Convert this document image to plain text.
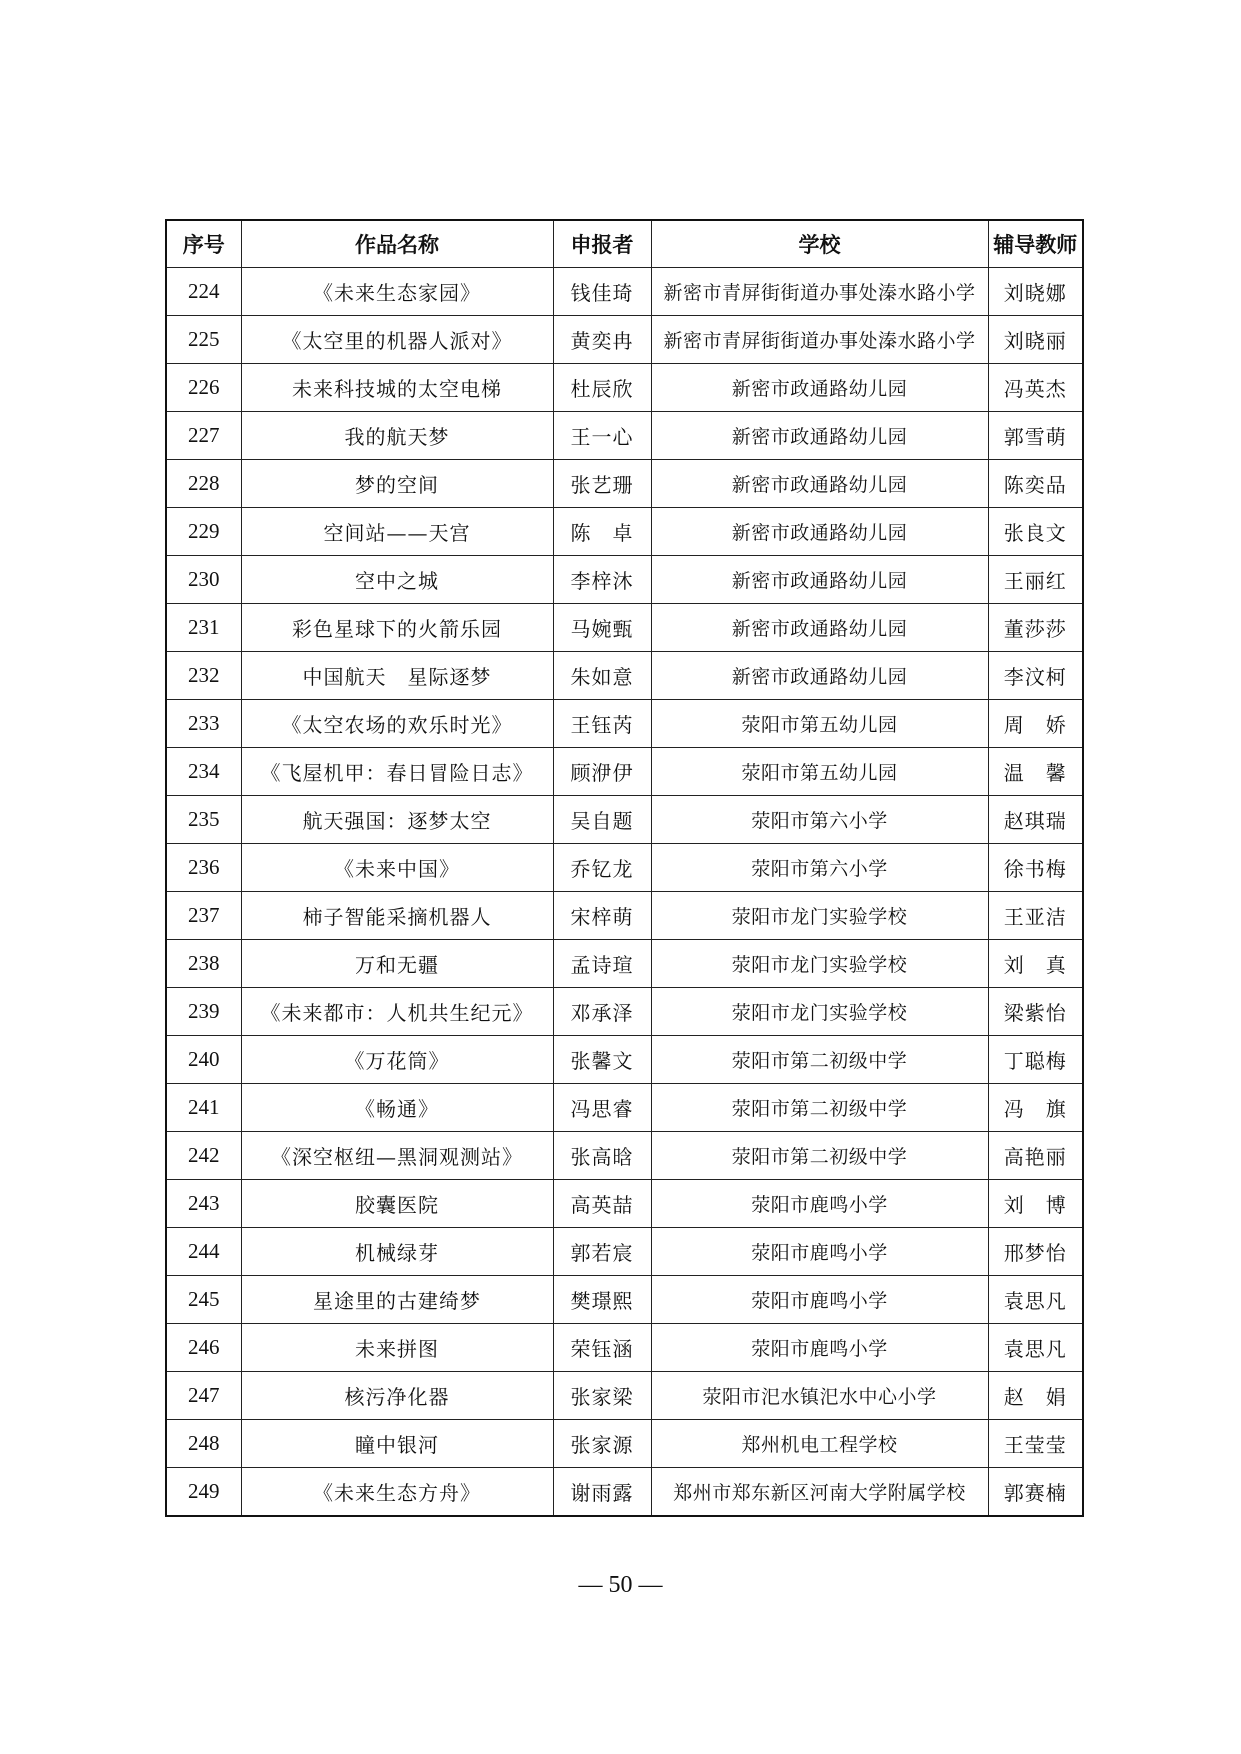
序号	作品名称	申报者	学校	辅导教师
224	《未来生态家园》	钱佳琦	新密市青屏街街道办事处溱水路小学	刘晓娜
225	《太空里的机器人派对》	黄奕冉	新密市青屏街街道办事处溱水路小学	刘晓丽
226	未来科技城的太空电梯	杜辰欣	新密市政通路幼儿园	冯英杰
227	我的航天梦	王一心	新密市政通路幼儿园	郭雪萌
228	梦的空间	张艺珊	新密市政通路幼儿园	陈奕品
229	空间站——天宫	陈　卓	新密市政通路幼儿园	张良文
230	空中之城	李梓沐	新密市政通路幼儿园	王丽红
231	彩色星球下的火箭乐园	马婉甄	新密市政通路幼儿园	董莎莎
232	中国航天　星际逐梦	朱如意	新密市政通路幼儿园	李汶柯
233	《太空农场的欢乐时光》	王钰芮	荥阳市第五幼儿园	周　娇
234	《飞屋机甲：春日冒险日志》	顾洢伊	荥阳市第五幼儿园	温　馨
235	航天强国：逐梦太空	吴自题	荥阳市第六小学	赵琪瑞
236	《未来中国》	乔钇龙	荥阳市第六小学	徐书梅
237	柿子智能采摘机器人	宋梓萌	荥阳市龙门实验学校	王亚洁
238	万和无疆	孟诗瑄	荥阳市龙门实验学校	刘　真
239	《未来都市：人机共生纪元》	邓承泽	荥阳市龙门实验学校	梁紫怡
240	《万花筒》	张馨文	荥阳市第二初级中学	丁聪梅
241	《畅通》	冯思睿	荥阳市第二初级中学	冯　旗
242	《深空枢纽—黑洞观测站》	张高晗	荥阳市第二初级中学	高艳丽
243	胶囊医院	高英喆	荥阳市鹿鸣小学	刘　博
244	机械绿芽	郭若宸	荥阳市鹿鸣小学	邢梦怡
245	星途里的古建绮梦	樊璟熙	荥阳市鹿鸣小学	袁思凡
246	未来拼图	荣钰涵	荥阳市鹿鸣小学	袁思凡
247	核污净化器	张家梁	荥阳市汜水镇汜水中心小学	赵　娟
248	瞳中银河	张家源	郑州机电工程学校	王莹莹
249	《未来生态方舟》	谢雨露	郑州市郑东新区河南大学附属学校	郭赛楠
— 50 —
